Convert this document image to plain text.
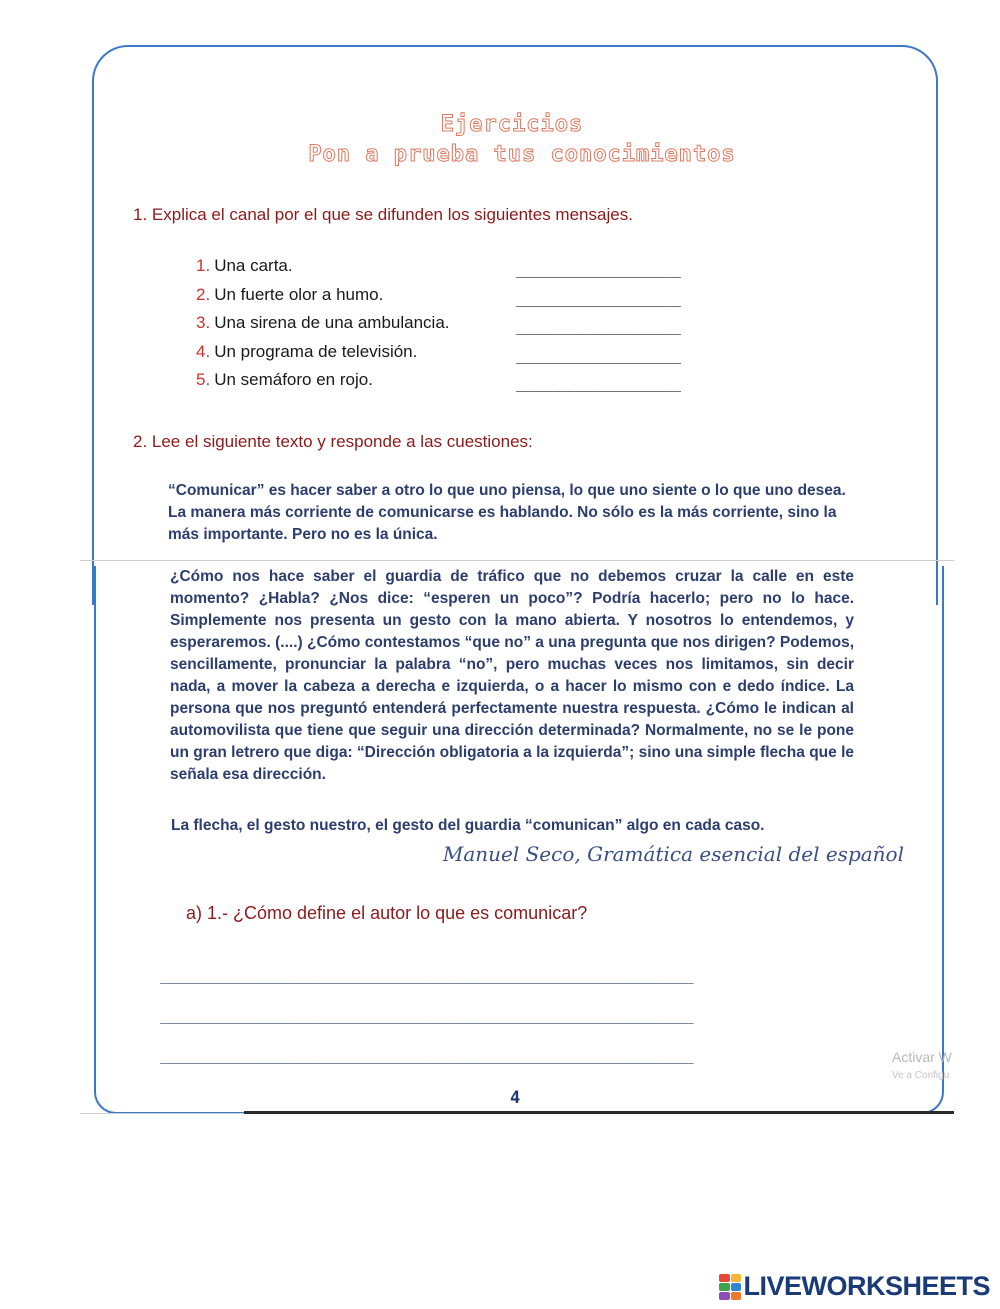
Ejercicios
Pon a prueba tus conocimientos
1. Explica el canal por el que se difunden los siguientes mensajes.
1. Una carta.	___________________
2. Un fuerte olor a humo.	___________________
3. Una sirena de una ambulancia.	___________________
4. Un programa de televisión.	___________________
5. Un semáforo en rojo.	___________________
2. Lee el siguiente texto y responde a las cuestiones:
“Comunicar” es hacer saber a otro lo que uno piensa, lo que uno siente o lo que uno desea. La manera más corriente de comunicarse es hablando. No sólo es la más corriente, sino la más importante. Pero no es la única.
¿Cómo nos hace saber el guardia de tráfico que no debemos cruzar la calle en este momento? ¿Habla? ¿Nos dice: “esperen un poco”? Podría hacerlo; pero no lo hace. Simplemente nos presenta un gesto con la mano abierta. Y nosotros lo entendemos, y esperaremos. (....) ¿Cómo contestamos “que no” a una pregunta que nos dirigen? Podemos, sencillamente, pronunciar la palabra “no”, pero muchas veces nos limitamos, sin decir nada, a mover la cabeza a derecha e izquierda, o a hacer lo mismo con e dedo índice. La persona que nos preguntó entenderá perfectamente nuestra respuesta. ¿Cómo le indican al automovilista que tiene que seguir una dirección determinada? Normalmente, no se le pone un gran letrero que diga: “Dirección obligatoria a la izquierda”; sino una simple flecha que le señala esa dirección.
La flecha, el gesto nuestro, el gesto del guardia “comunican” algo en cada caso.
Manuel Seco, Gramática esencial del español
a) 1.- ¿Cómo define el autor lo que es comunicar?
____________________________________________________________________
____________________________________________________________________
____________________________________________________________________	Activar W
Ve a Configu
4
LIVEWORKSHEETS
